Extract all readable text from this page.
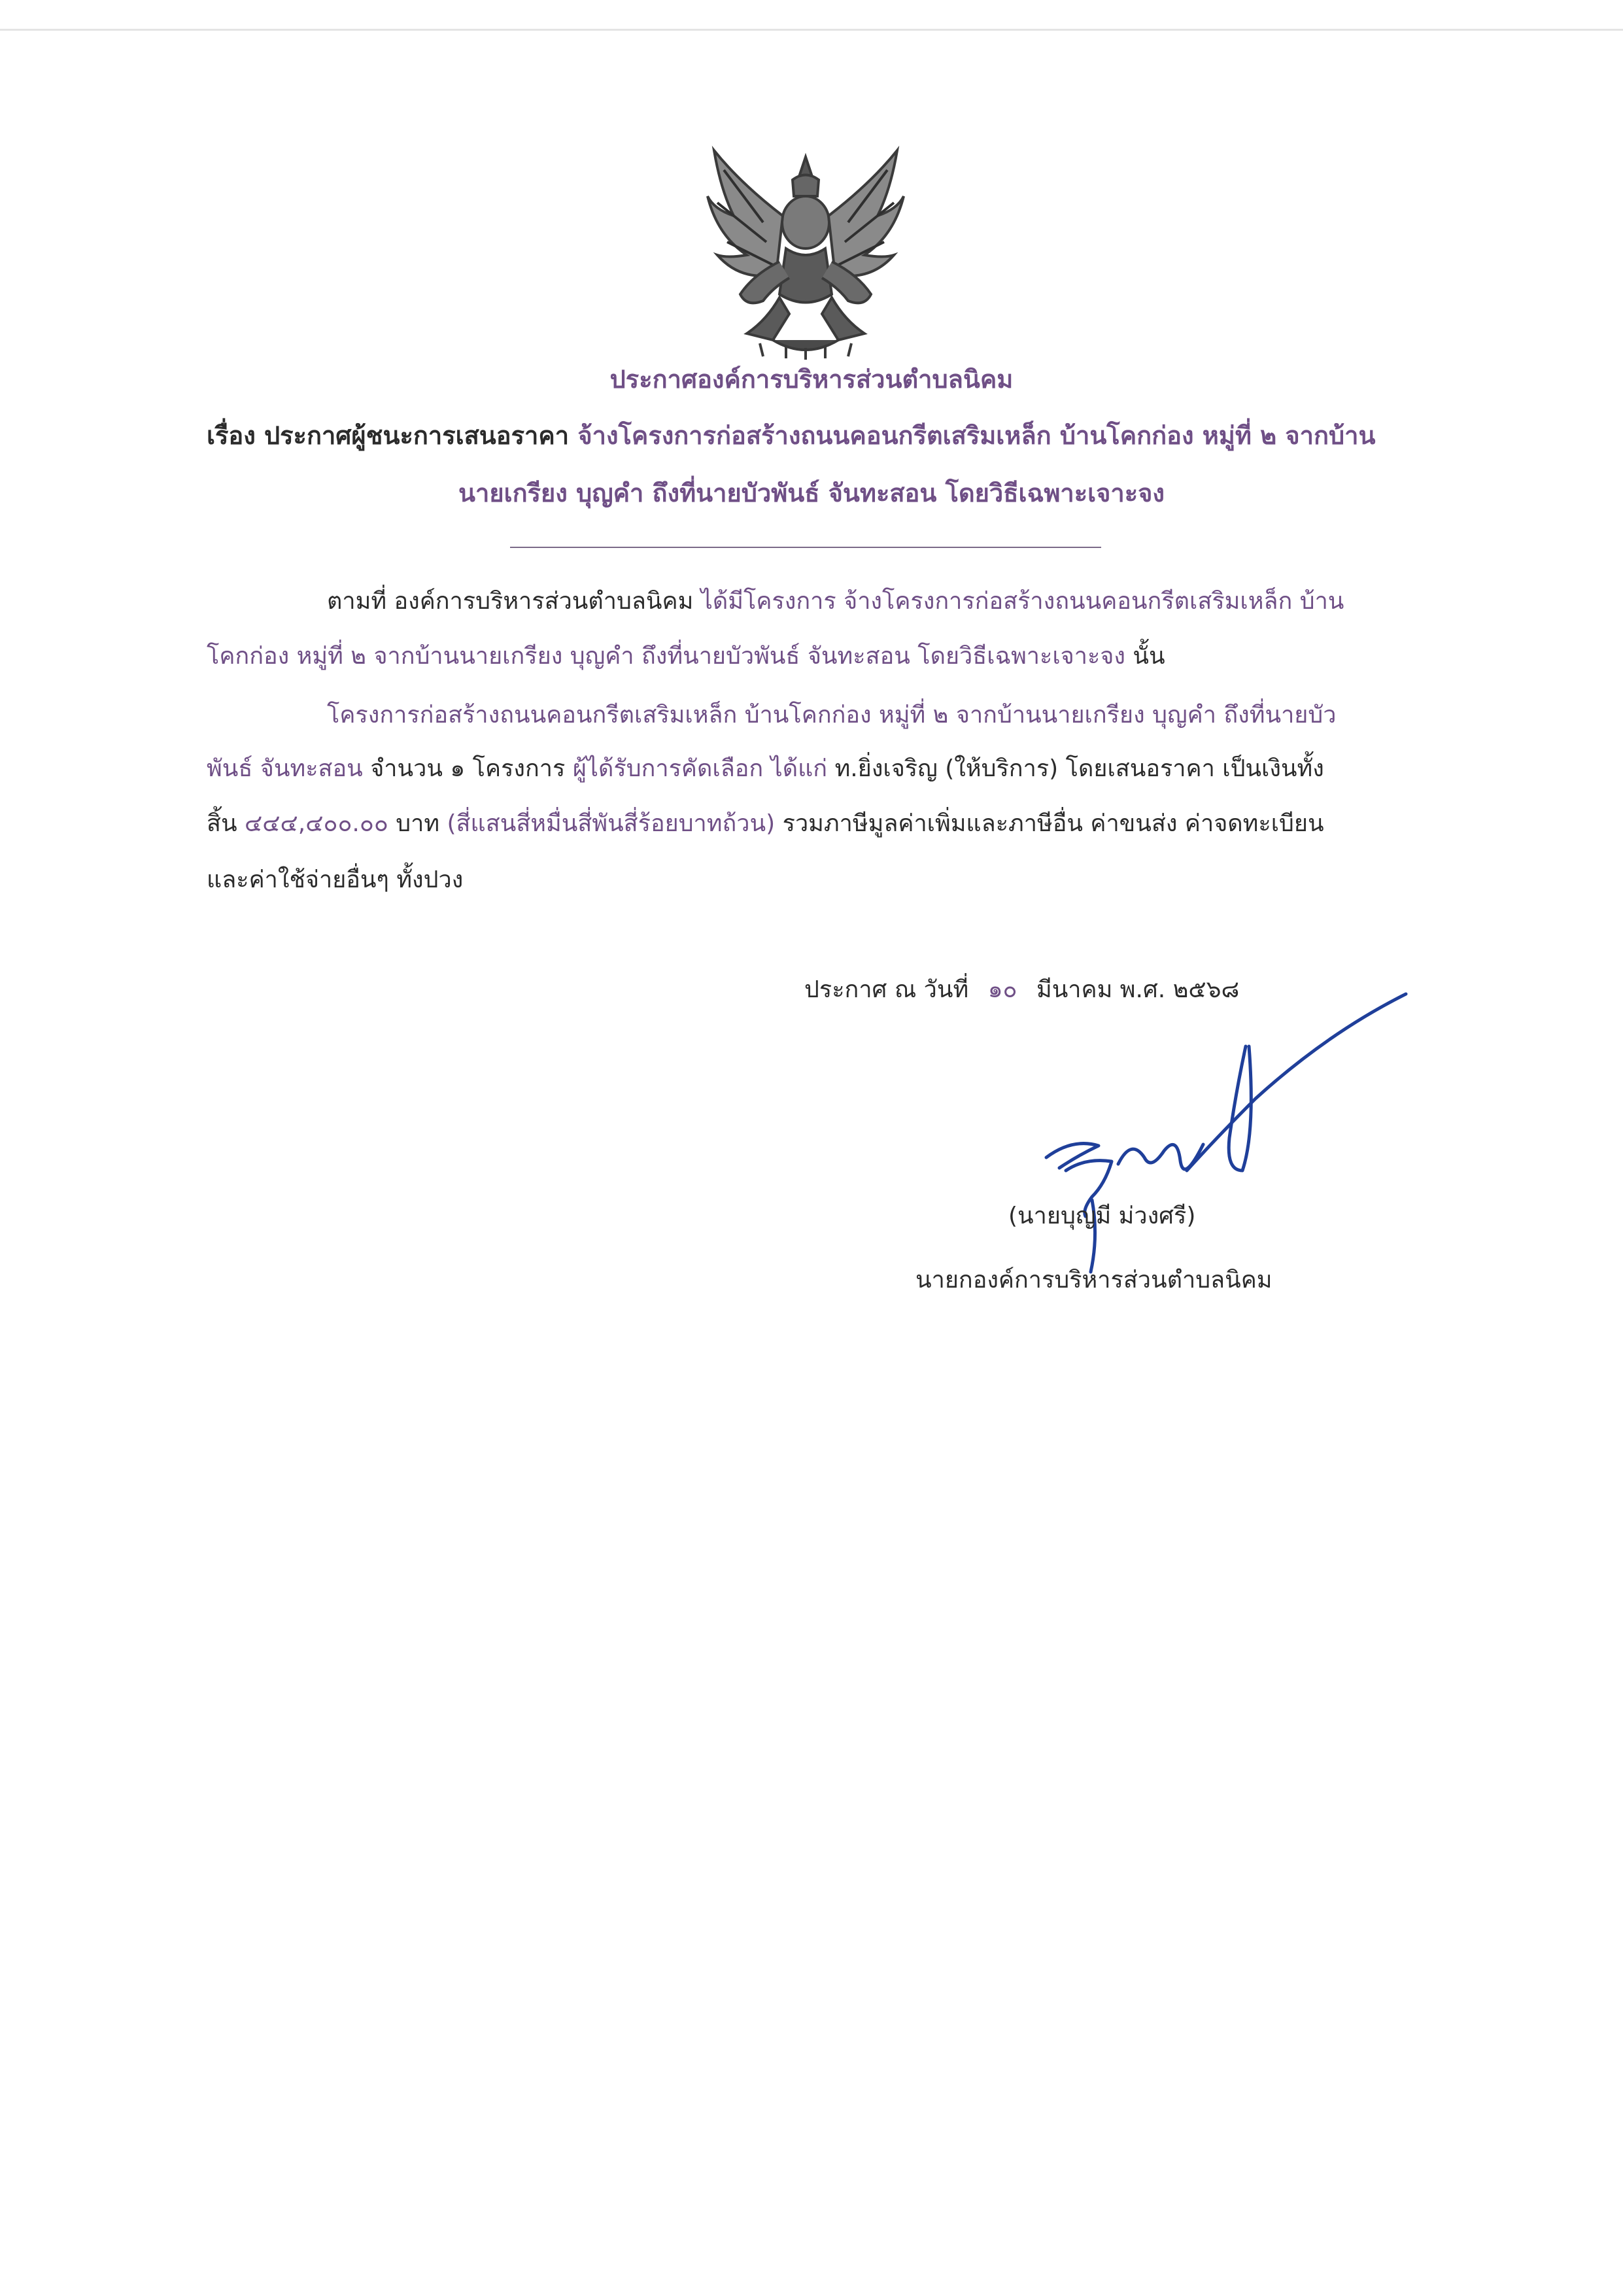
ประกาศองค์การบริหารส่วนตำบลนิคม
เรื่อง ประกาศผู้ชนะการเสนอราคา จ้างโครงการก่อสร้างถนนคอนกรีตเสริมเหล็ก บ้านโคกก่อง หมู่ที่ ๒ จากบ้าน
นายเกรียง บุญคำ ถึงที่นายบัวพันธ์ จันทะสอน โดยวิธีเฉพาะเจาะจง
ตามที่ องค์การบริหารส่วนตำบลนิคม ได้มีโครงการ จ้างโครงการก่อสร้างถนนคอนกรีตเสริมเหล็ก บ้าน
โคกก่อง หมู่ที่ ๒ จากบ้านนายเกรียง บุญคำ ถึงที่นายบัวพันธ์ จันทะสอน โดยวิธีเฉพาะเจาะจง นั้น
โครงการก่อสร้างถนนคอนกรีตเสริมเหล็ก บ้านโคกก่อง หมู่ที่ ๒ จากบ้านนายเกรียง บุญคำ ถึงที่นายบัว
พันธ์ จันทะสอน จำนวน ๑ โครงการ ผู้ได้รับการคัดเลือก ได้แก่ ท.ยิ่งเจริญ (ให้บริการ) โดยเสนอราคา เป็นเงินทั้ง
สิ้น ๔๔๔,๔๐๐.๐๐ บาท (สี่แสนสี่หมื่นสี่พันสี่ร้อยบาทถ้วน) รวมภาษีมูลค่าเพิ่มและภาษีอื่น ค่าขนส่ง ค่าจดทะเบียน
และค่าใช้จ่ายอื่นๆ ทั้งปวง
ประกาศ ณ วันที่ ๑๐ มีนาคม พ.ศ. ๒๕๖๘
(นายบุญมี ม่วงศรี)
นายกองค์การบริหารส่วนตำบลนิคม
